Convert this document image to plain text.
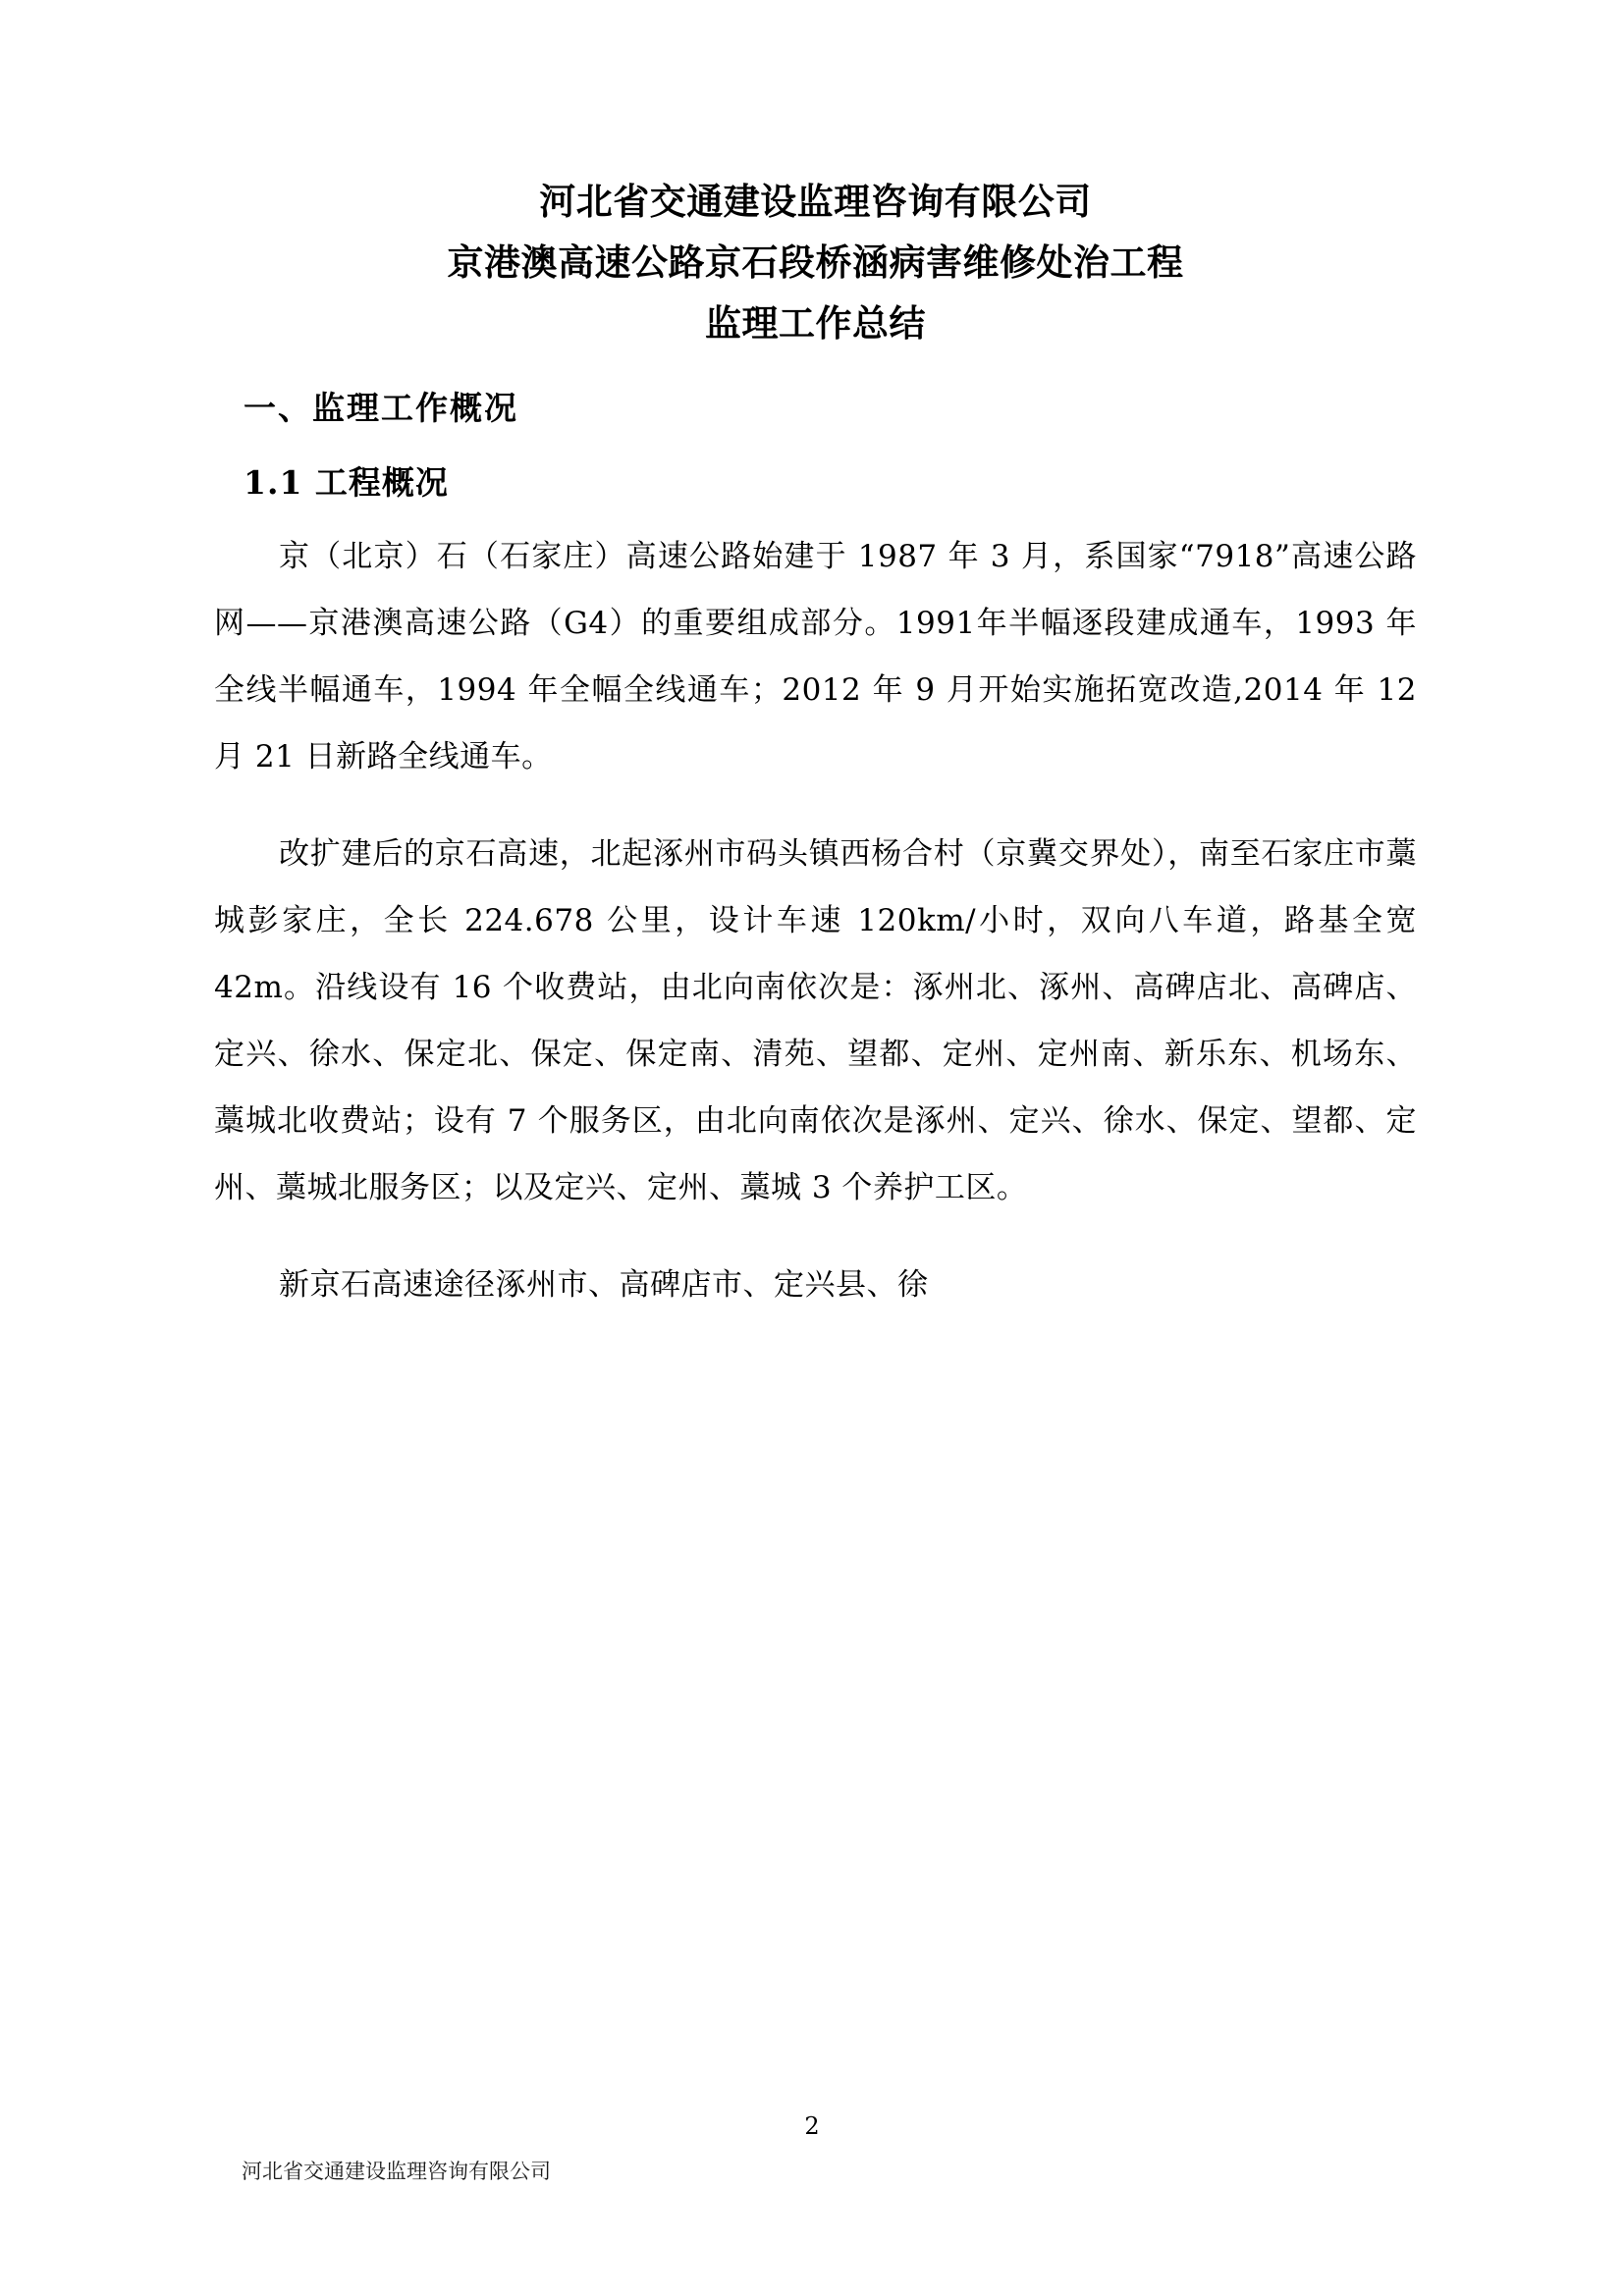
河北省交通建设监理咨询有限公司
京港澳高速公路京石段桥涵病害维修处治工程
监理工作总结
一、监理工作概况
1.1 工程概况

京（北京）石（石家庄）高速公路始建于 1987 年 3 月，系国家“7918”高速公路网——京港澳高速公路（G4）的重要组成部分。1991年半幅逐段建成通车，1993 年全线半幅通车，1994 年全幅全线通车；2012 年 9 月开始实施拓宽改造,2014 年 12 月 21 日新路全线通车。

改扩建后的京石高速，北起涿州市码头镇西杨合村（京冀交界处），南至石家庄市藁城彭家庄，全长 224.678 公里，设计车速 120km/小时，双向八车道，路基全宽 42m。沿线设有 16 个收费站，由北向南依次是：涿州北、涿州、高碑店北、高碑店、定兴、徐水、保定北、保定、保定南、清苑、望都、定州、定州南、新乐东、机场东、藁城北收费站；设有 7 个服务区，由北向南依次是涿州、定兴、徐水、保定、望都、定州、藁城北服务区；以及定兴、定州、藁城 3 个养护工区。

新京石高速途径涿州市、高碑店市、定兴县、徐

2
河北省交通建设监理咨询有限公司
